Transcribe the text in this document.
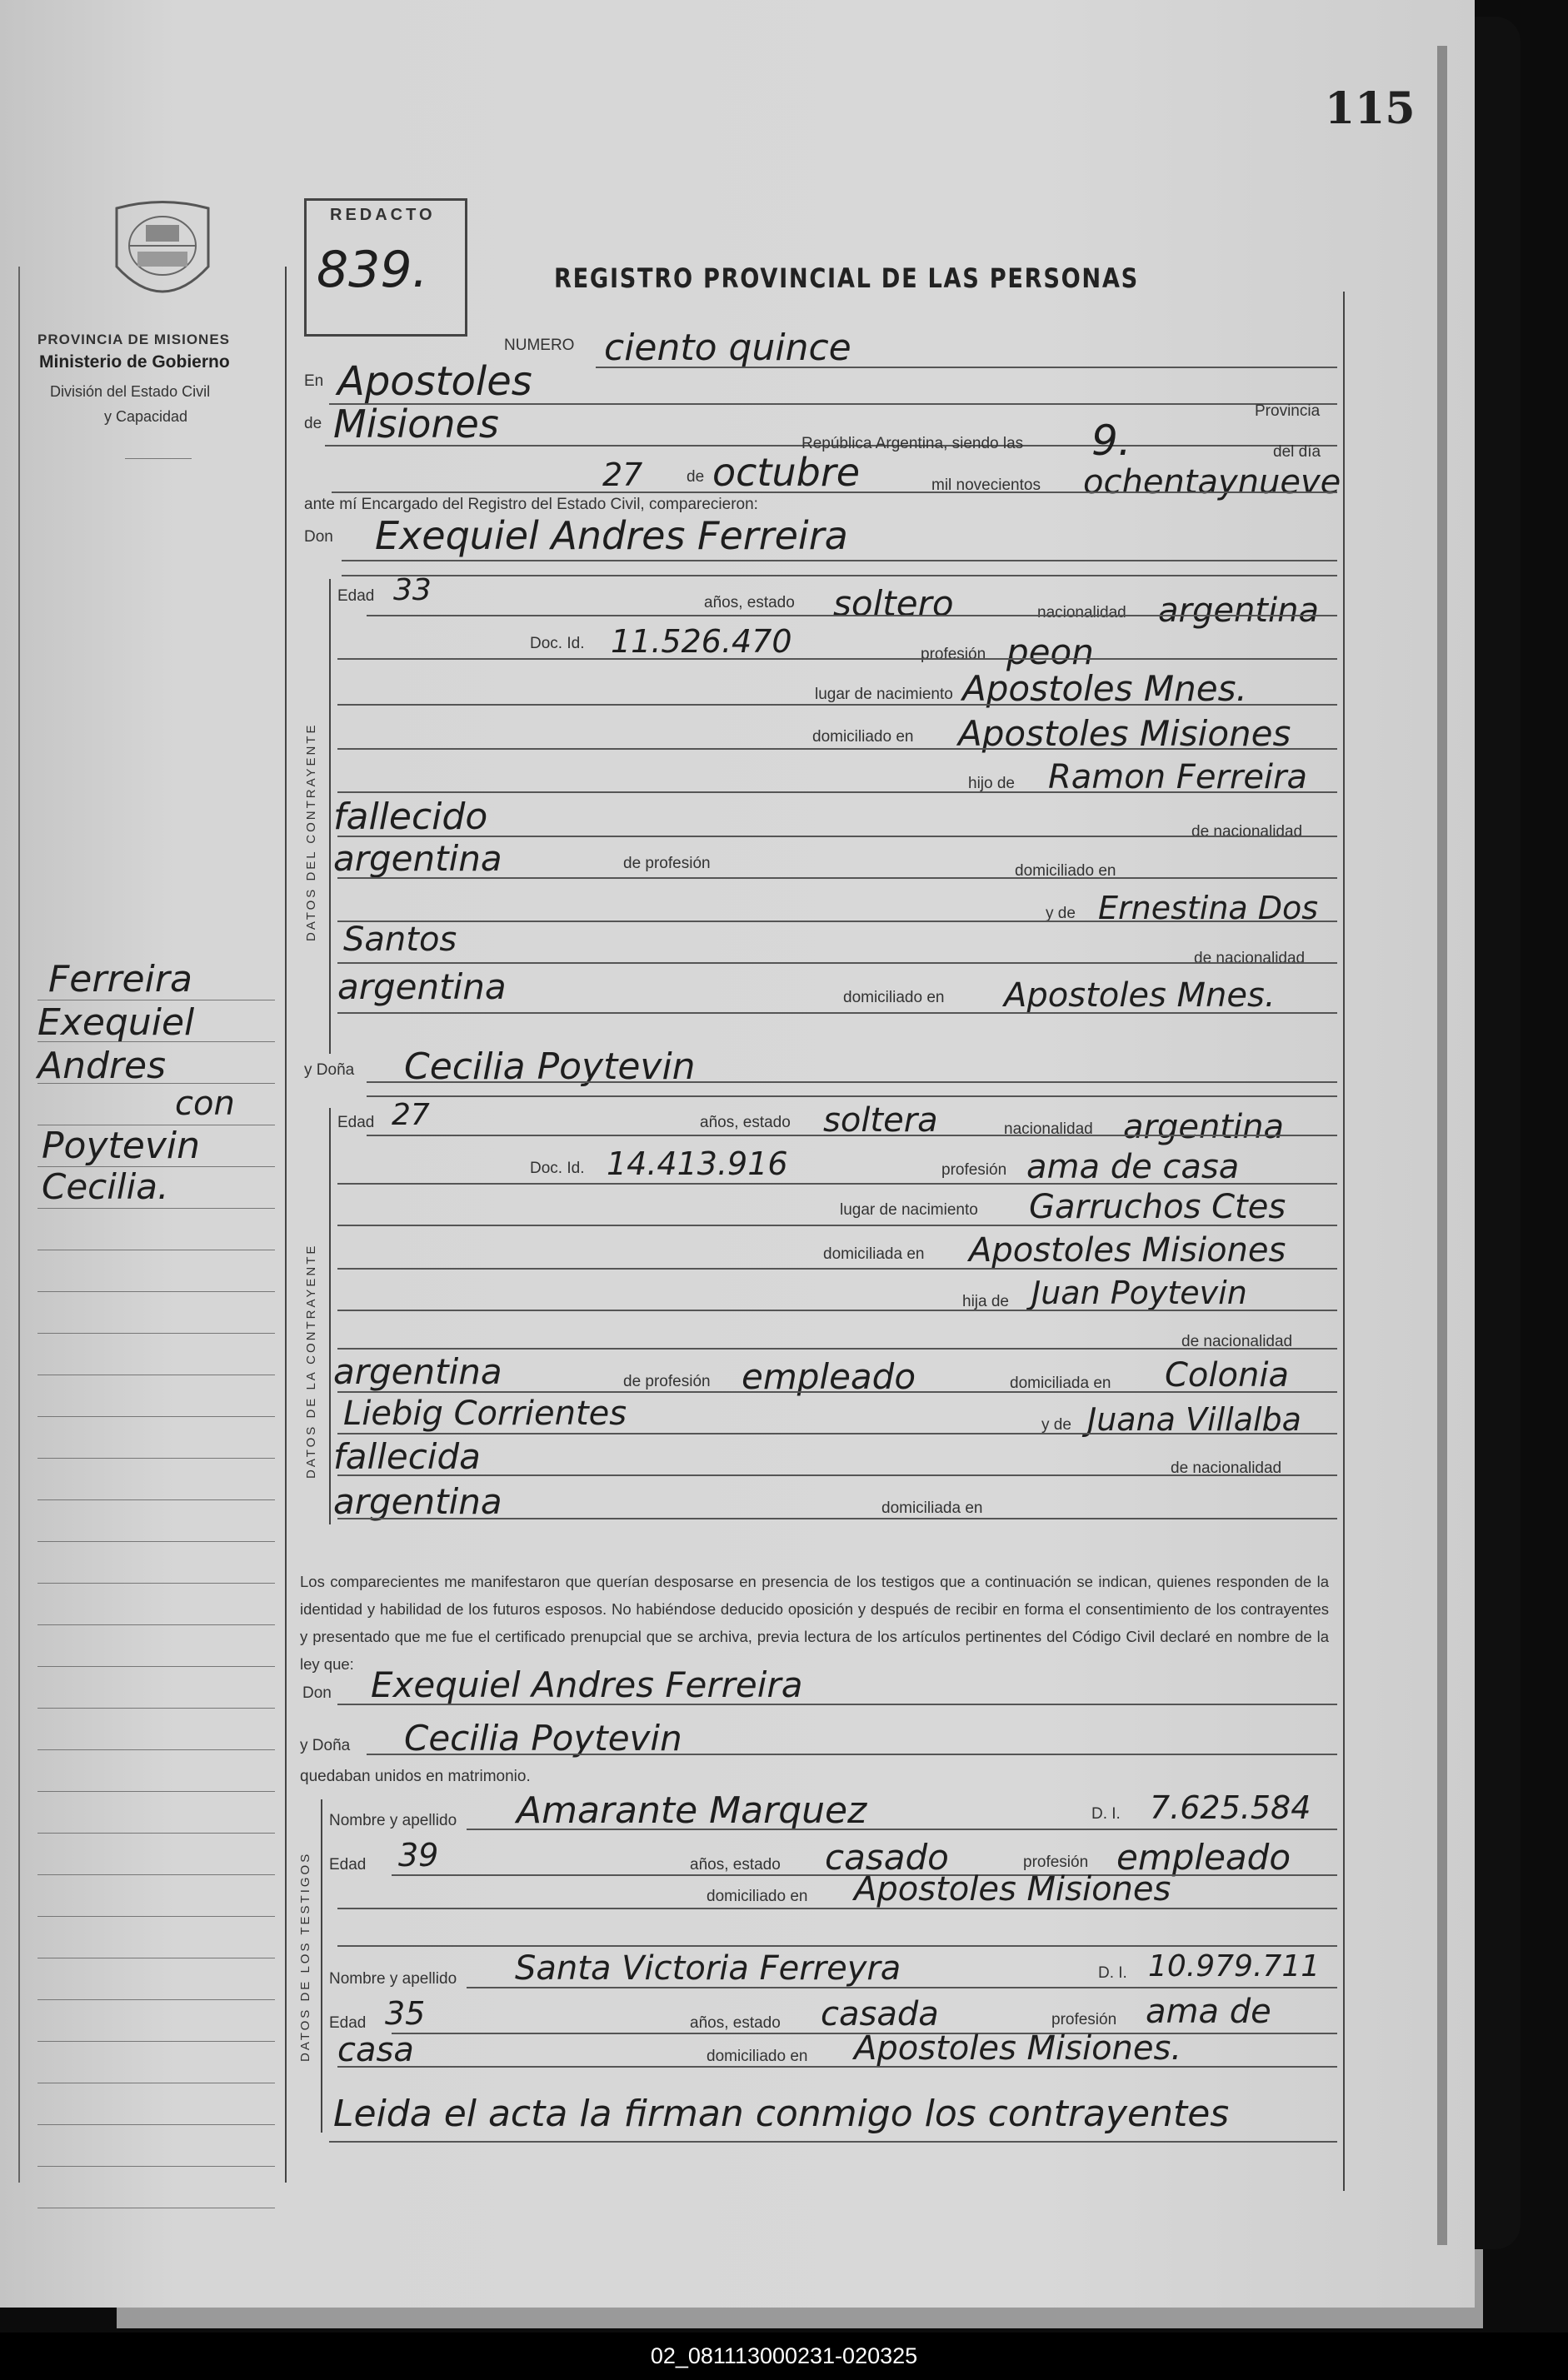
115
PROVINCIA DE MISIONES
Ministerio de Gobierno
División del Estado Civil
y Capacidad
Ferreira
Exequiel
Andres
con
Poytevin
Cecilia.
REDACTO
839.	REGISTRO PROVINCIAL DE LAS PERSONAS
NUMERO ciento quince
En Apostoles
de Misiones	Provincia
República Argentina, siendo las 9.	del día
27	de octubre	mil novecientos ochentaynueve
ante mí Encargado del Registro del Estado Civil, comparecieron:
Don Exequiel Andres Ferreira
DATOS DEL CONTRAYENTE
Edad 33	años, estado soltero	nacionalidad argentina
Doc. Id. 11.526.470	profesión peon
lugar de nacimiento Apostoles Mnes.
domiciliado en Apostoles Misiones
hijo de Ramon Ferreira
fallecido	de nacionalidad
argentina	de profesión	domiciliado en
y de Ernestina Dos
Santos	de nacionalidad
argentina	domiciliado en Apostoles Mnes.
y Doña Cecilia Poytevin
DATOS DE LA CONTRAYENTE
Edad 27	años, estado soltera	nacionalidad argentina
Doc. Id. 14.413.916	profesión ama de casa
lugar de nacimiento Garruchos Ctes
domiciliada en Apostoles Misiones
hija de Juan Poytevin
de nacionalidad
argentina	de profesión empleado	domiciliada en Colonia
Liebig Corrientes	y de Juana Villalba
fallecida	de nacionalidad
argentina	domiciliada en
Los comparecientes me manifestaron que querían desposarse en presencia de los testigos que a continuación se indican, quienes responden de la identidad y habilidad de los futuros esposos. No habiéndose deducido oposición y después de recibir en forma el consentimiento de los contrayentes y presentado que me fue el certificado prenupcial que se archiva, previa lectura de los artículos pertinentes del Código Civil declaré en nombre de la ley que:
Don Exequiel Andres Ferreira
y Doña Cecilia Poytevin
quedaban unidos en matrimonio.
DATOS DE LOS TESTIGOS
Nombre y apellido Amarante Marquez	D. I. 7.625.584
Edad 39	años, estado casado	profesión empleado
domiciliado en Apostoles Misiones
Nombre y apellido Santa Victoria Ferreyra	D. I. 10.979.711
Edad 35	años, estado casada	profesión ama de
casa	domiciliado en Apostoles Misiones.
Leida el acta la firman conmigo los contrayentes
02_081113000231-020325
